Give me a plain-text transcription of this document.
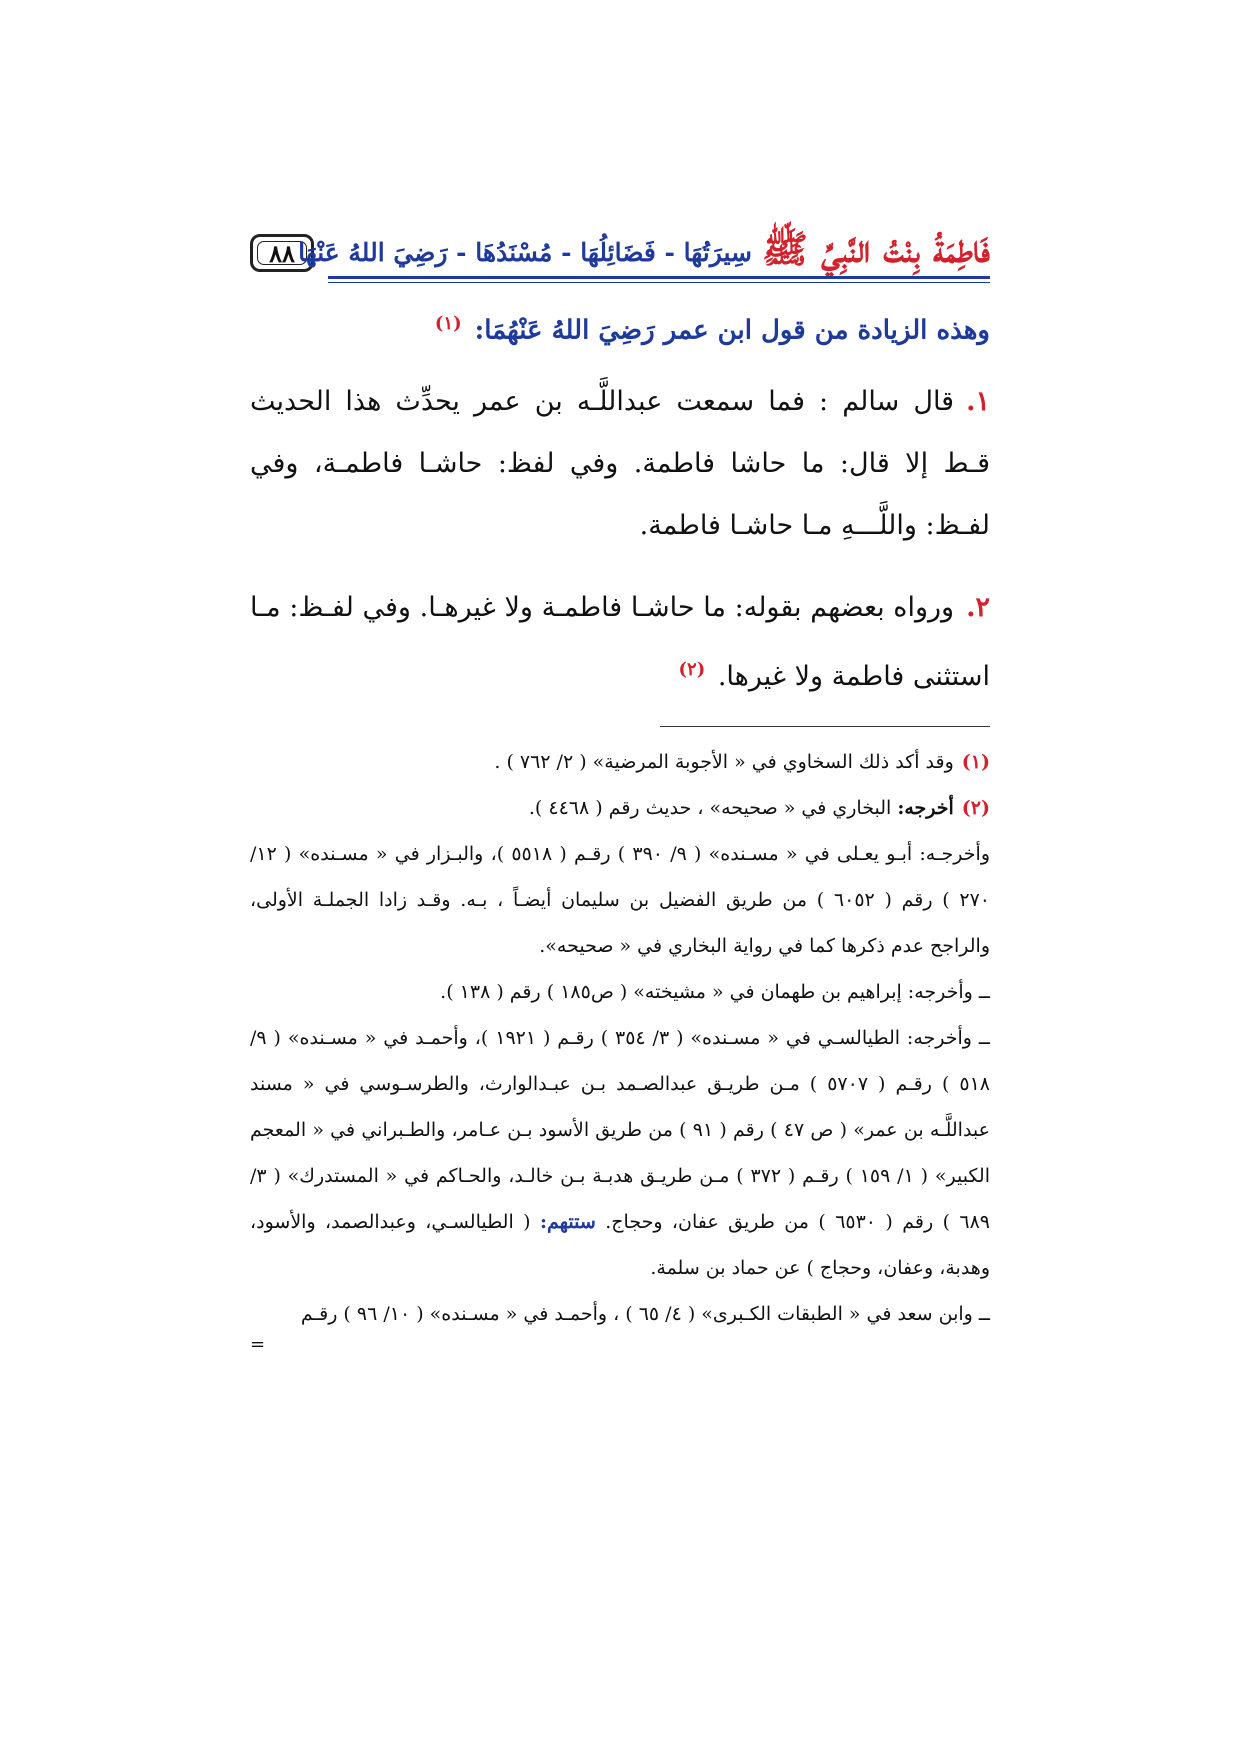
٨٨	فَاطِمَةُ بِنْتُ النَّبِيِّ ﷺ
سِيرَتُهَا - فَضَائِلُهَا - مُسْنَدُهَا - رَضِيَ اللهُ عَنْهَا
وهذه الزيادة من قول ابن عمر رَضِيَ اللهُ عَنْهُمَا: $^{(١)}$

١.قال سالم : فما سمعت عبداللَّـه بن عمر يحدِّث هذا الحديث قـط إلا قال: ما حاشا فاطمة. وفي لفظ: حاشـا فاطمـة، وفي لفـظ: واللَّـــهِ مـا حاشـا فاطمة.

٢.ورواه بعضهم بقوله: ما حاشـا فاطمـة ولا غيرهـا. وفي لفـظ: مـا استثنى فاطمة ولا غيرها. $^{(٢)}$

(١)وقد أكد ذلك السخاوي في « الأجوبة المرضية» ( ٢/ ٧٦٢ ) .
(٢)أخرجه: البخاري في « صحيحه» ، حديث رقم ( ٤٤٦٨ ).
وأخرجـه: أبـو يعـلى في « مسـنده» ( ٩/ ٣٩٠ ) رقـم ( ٥٥١٨ )، والبـزار في « مسـنده» ( ١٢/ ٢٧٠ ) رقم ( ٦٠٥٢ ) من طريق الفضيل بن سليمان أيضـاً ، بـه. وقـد زادا الجملـة الأولى، والراجح عدم ذكرها كما في رواية البخاري في « صحيحه».
ــ وأخرجه: إبراهيم بن طهمان في « مشيخته» ( ص١٨٥ ) رقم ( ١٣٨ ).
ــ وأخرجه: الطيالسـي في « مسـنده» ( ٣/ ٣٥٤ ) رقـم ( ١٩٢١ )، وأحمـد في « مسـنده» ( ٩/ ٥١٨ ) رقـم ( ٥٧٠٧ ) مـن طريـق عبدالصـمد بـن عبـدالوارث، والطرسـوسي في « مسند عبداللَّـه بن عمر» ( ص ٤٧ ) رقم ( ٩١ ) من طريق الأسود بـن عـامر، والطـبراني في « المعجم الكبير» ( ١/ ١٥٩ ) رقـم ( ٣٧٢ ) مـن طريـق هدبـة بـن خالـد، والحـاكم في « المستدرك» ( ٣/ ٦٨٩ ) رقم ( ٦٥٣٠ ) من طريق عفان، وحجاج. ستتهم: ( الطيالسـي، وعبدالصمد، والأسود، وهدبة، وعفان، وحجاج ) عن حماد بن سلمة.
ــ وابن سعد في « الطبقات الكـبرى» ( ٤/ ٦٥ ) ، وأحمـد في « مسـنده» ( ١٠/ ٩٦ ) رقـم
=
